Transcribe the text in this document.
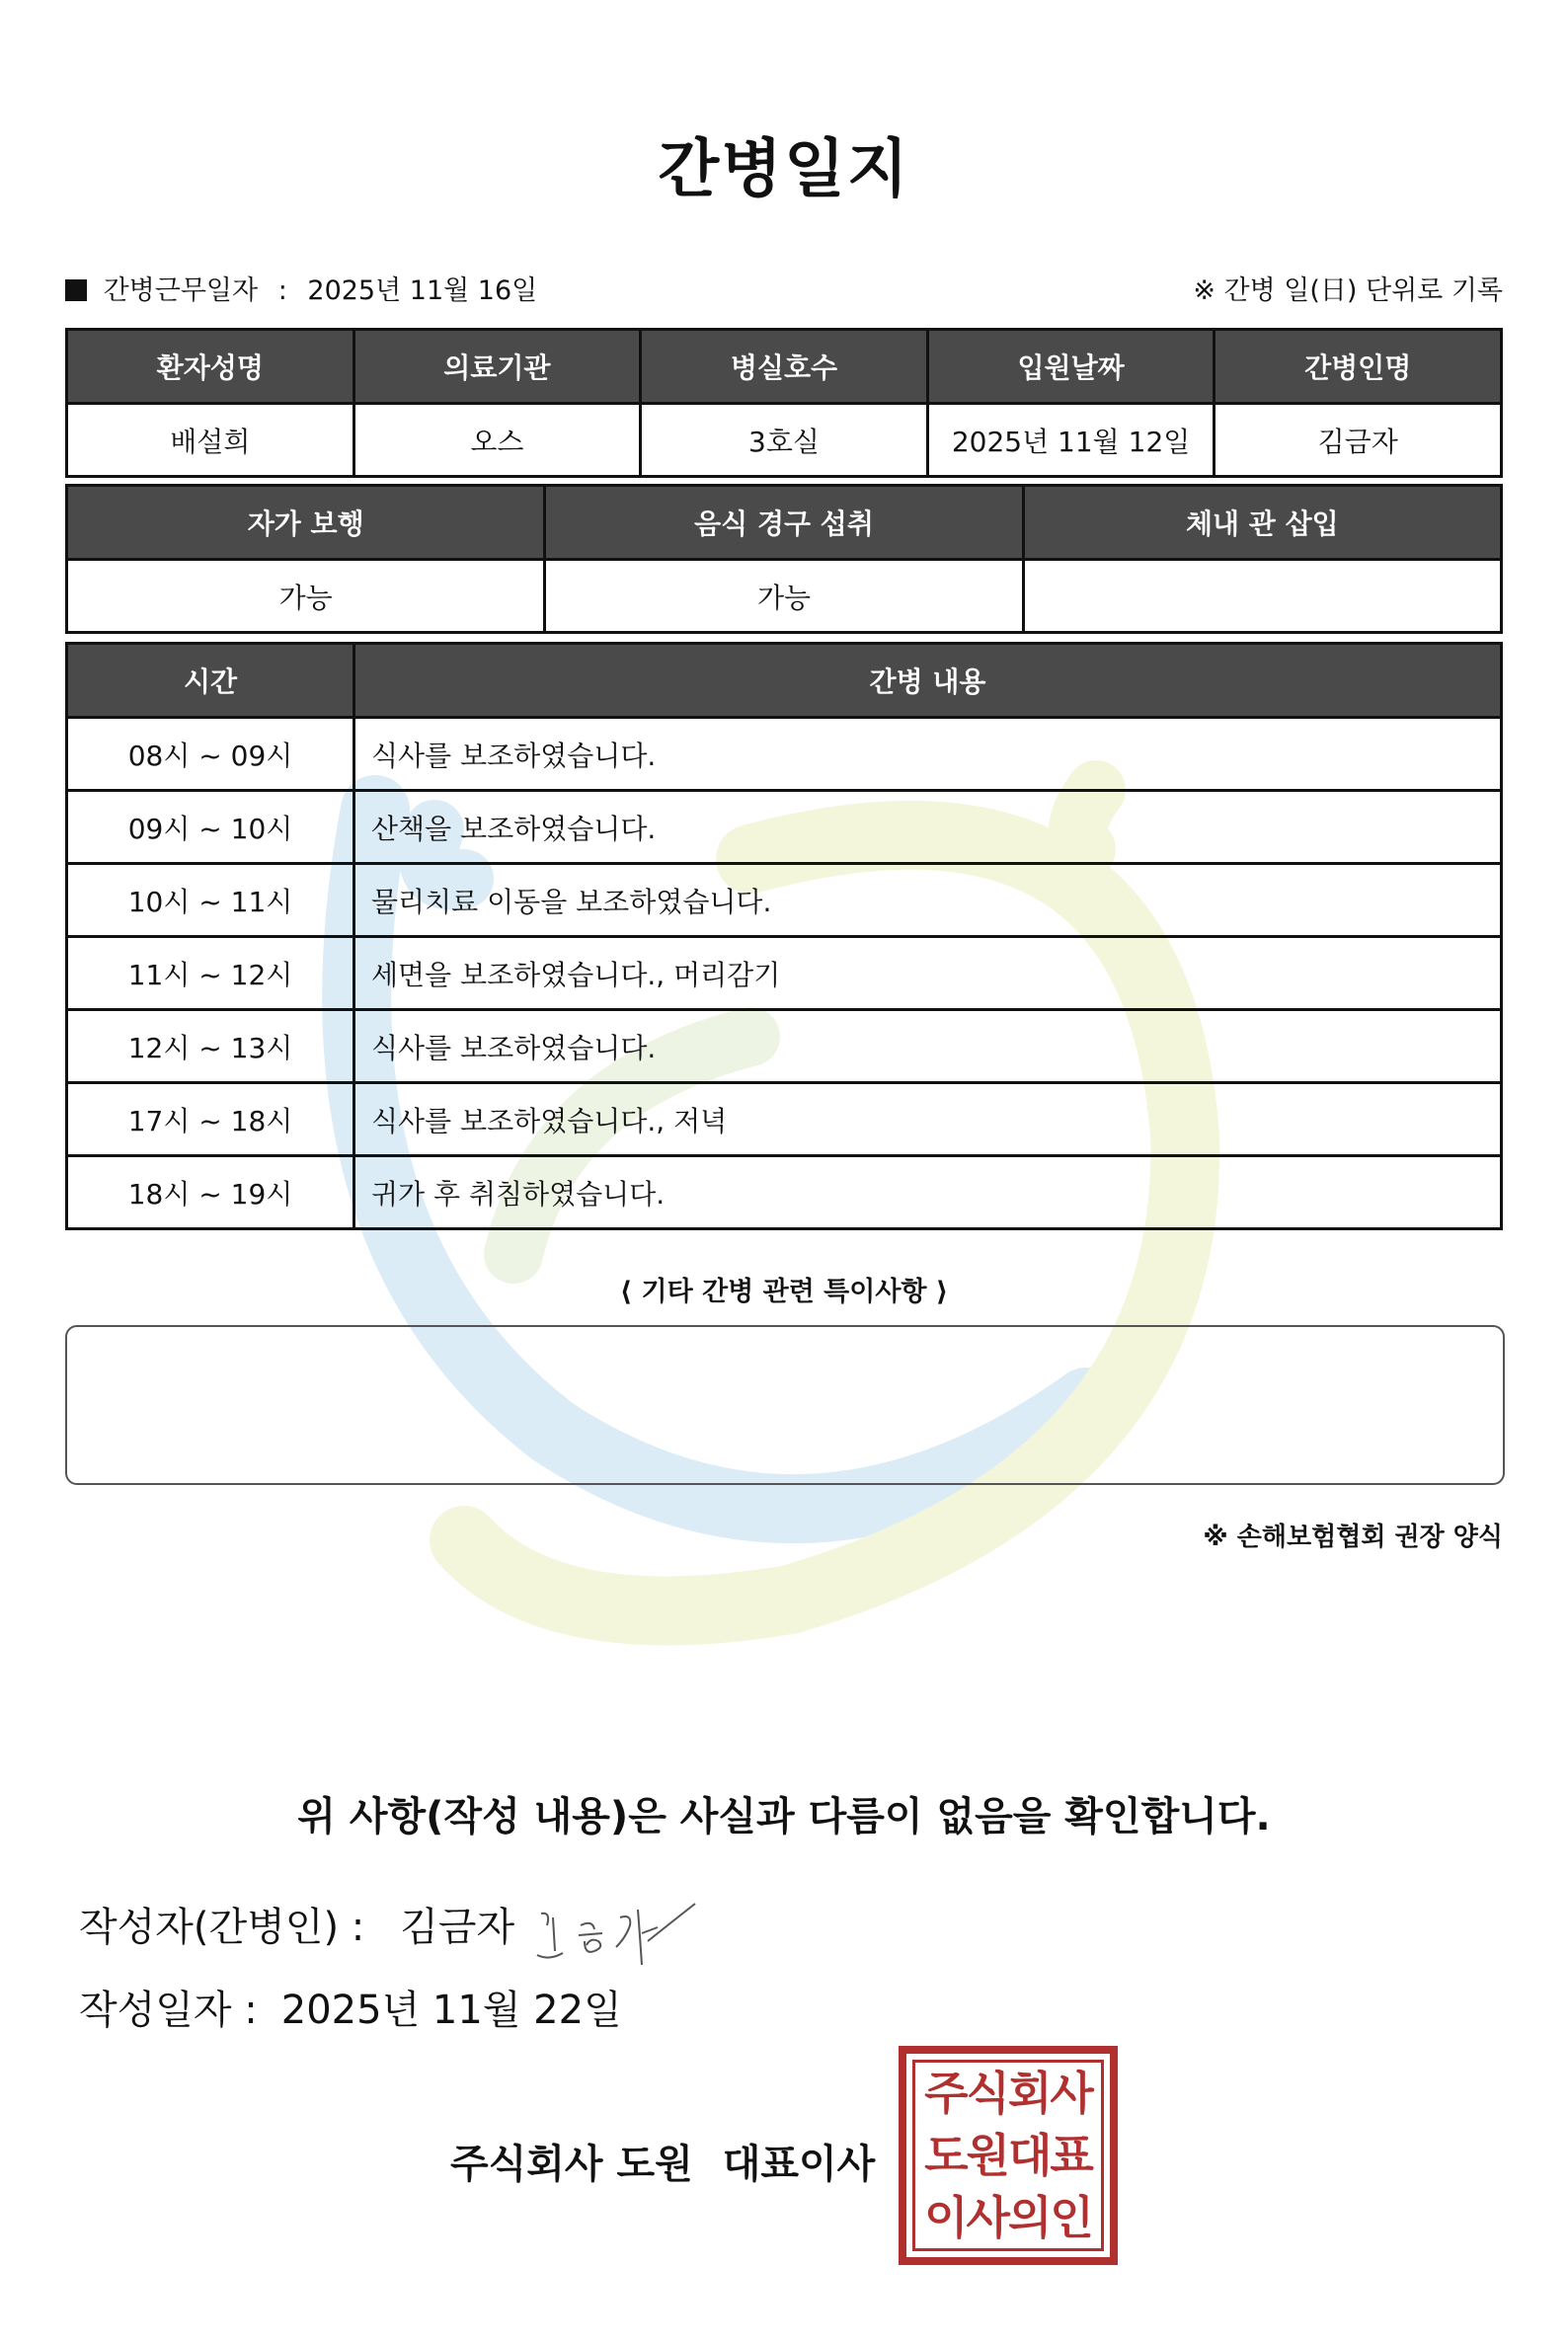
간병일지
간병근무일자 : 2025년 11월 16일	※ 간병 일(日) 단위로 기록
환자성명	의료기관	병실호수	입원날짜	간병인명
배설희	오스	3호실	2025년 11월 12일	김금자
자가 보행	음식 경구 섭취	체내 관 삽입
가능	가능	
시간	간병 내용
08시 ~ 09시	식사를 보조하였습니다.
09시 ~ 10시	산책을 보조하였습니다.
10시 ~ 11시	물리치료 이동을 보조하였습니다.
11시 ~ 12시	세면을 보조하였습니다., 머리감기
12시 ~ 13시	식사를 보조하였습니다.
17시 ~ 18시	식사를 보조하였습니다., 저녁
18시 ~ 19시	귀가 후 취침하였습니다.
⟨ 기타 간병 관련 특이사항 ⟩
※ 손해보험협회 권장 양식
위 사항(작성 내용)은 사실과 다름이 없음을 확인합니다.
작성자(간병인) : 김금자
작성일자 : 2025년 11월 22일
주식회사 도원 대표이사
주식회사
도원대표
이사의인
